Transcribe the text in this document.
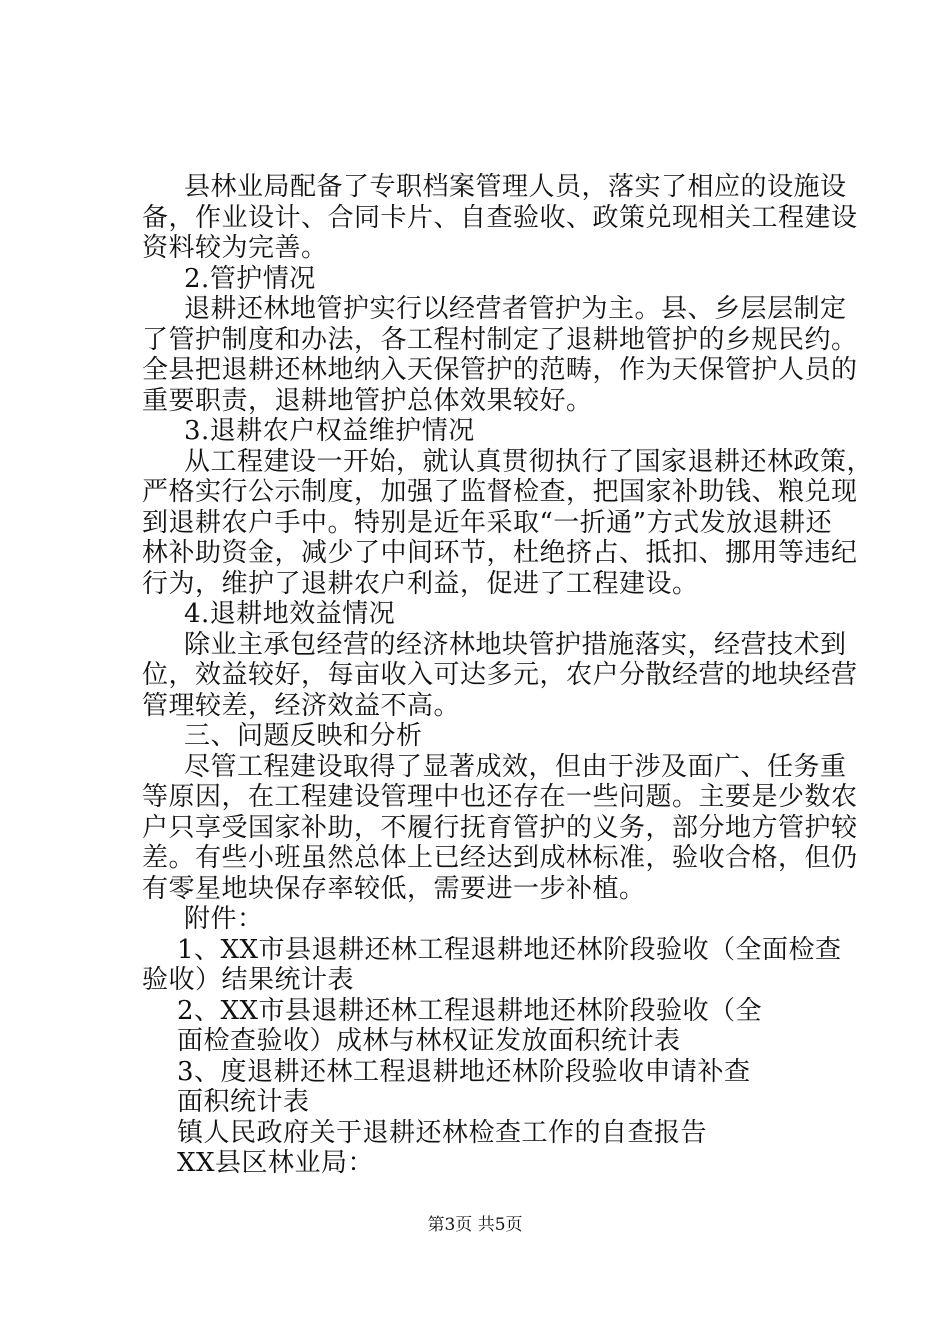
县林业局配备了专职档案管理人员，落实了相应的设施设
备，作业设计、合同卡片、自查验收、政策兑现相关工程建设
资料较为完善。
2.管护情况
退耕还林地管护实行以经营者管护为主。县、乡层层制定
了管护制度和办法，各工程村制定了退耕地管护的乡规民约。
全县把退耕还林地纳入天保管护的范畴，作为天保管护人员的
重要职责，退耕地管护总体效果较好。
3.退耕农户权益维护情况
从工程建设一开始，就认真贯彻执行了国家退耕还林政策，
严格实行公示制度，加强了监督检查，把国家补助钱、粮兑现
到退耕农户手中。特别是近年采取“一折通”方式发放退耕还
林补助资金，减少了中间环节，杜绝挤占、抵扣、挪用等违纪
行为，维护了退耕农户利益，促进了工程建设。
4.退耕地效益情况
除业主承包经营的经济林地块管护措施落实，经营技术到
位，效益较好，每亩收入可达多元，农户分散经营的地块经营
管理较差，经济效益不高。
三、问题反映和分析
尽管工程建设取得了显著成效，但由于涉及面广、任务重
等原因，在工程建设管理中也还存在一些问题。主要是少数农
户只享受国家补助，不履行抚育管护的义务，部分地方管护较
差。有些小班虽然总体上已经达到成林标准，验收合格，但仍
有零星地块保存率较低，需要进一步补植。
附件：
1、XX市县退耕还林工程退耕地还林阶段验收（全面检查
验收）结果统计表
2、XX市县退耕还林工程退耕地还林阶段验收（全
面检查验收）成林与林权证发放面积统计表
3、度退耕还林工程退耕地还林阶段验收申请补查
面积统计表
镇人民政府关于退耕还林检查工作的自查报告
XX县区林业局：
第3页 共5页
